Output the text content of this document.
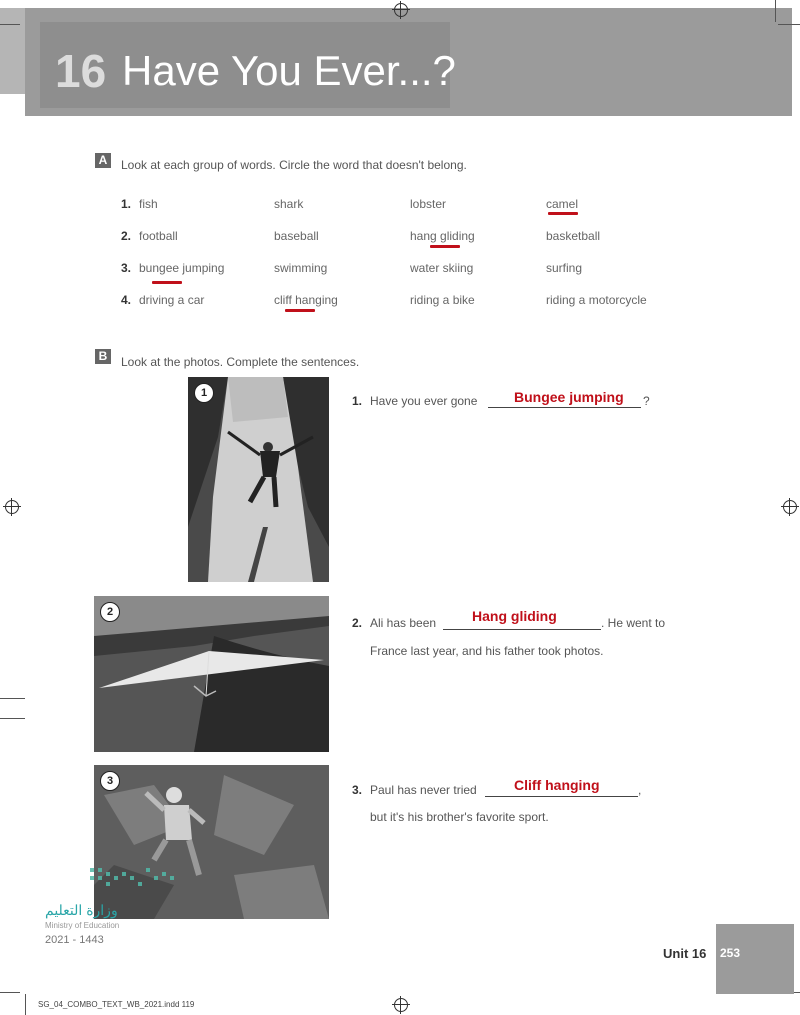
16 Have You Ever...?
A	Look at each group of words. Circle the word that doesn't belong.
1. fish	shark	lobster	camel
2. football	baseball	hang gliding	basketball
3. bungee jumping	swimming	water skiing	surfing
4. driving a car	cliff hanging	riding a bike	riding a motorcycle
B	Look at the photos. Complete the sentences.
1
1. Have you ever gone	Bungee jumping ?
2
2. Ali has been	Hang gliding	. He went to
France last year, and his father took photos.
3
3. Paul has never tried	Cliff hanging	,
but it's his brother's favorite sport.
وزارة التعليم
Ministry of Education
2021 - 1443
Unit 16 253
SG_04_COMBO_TEXT_WB_2021.indd 119
